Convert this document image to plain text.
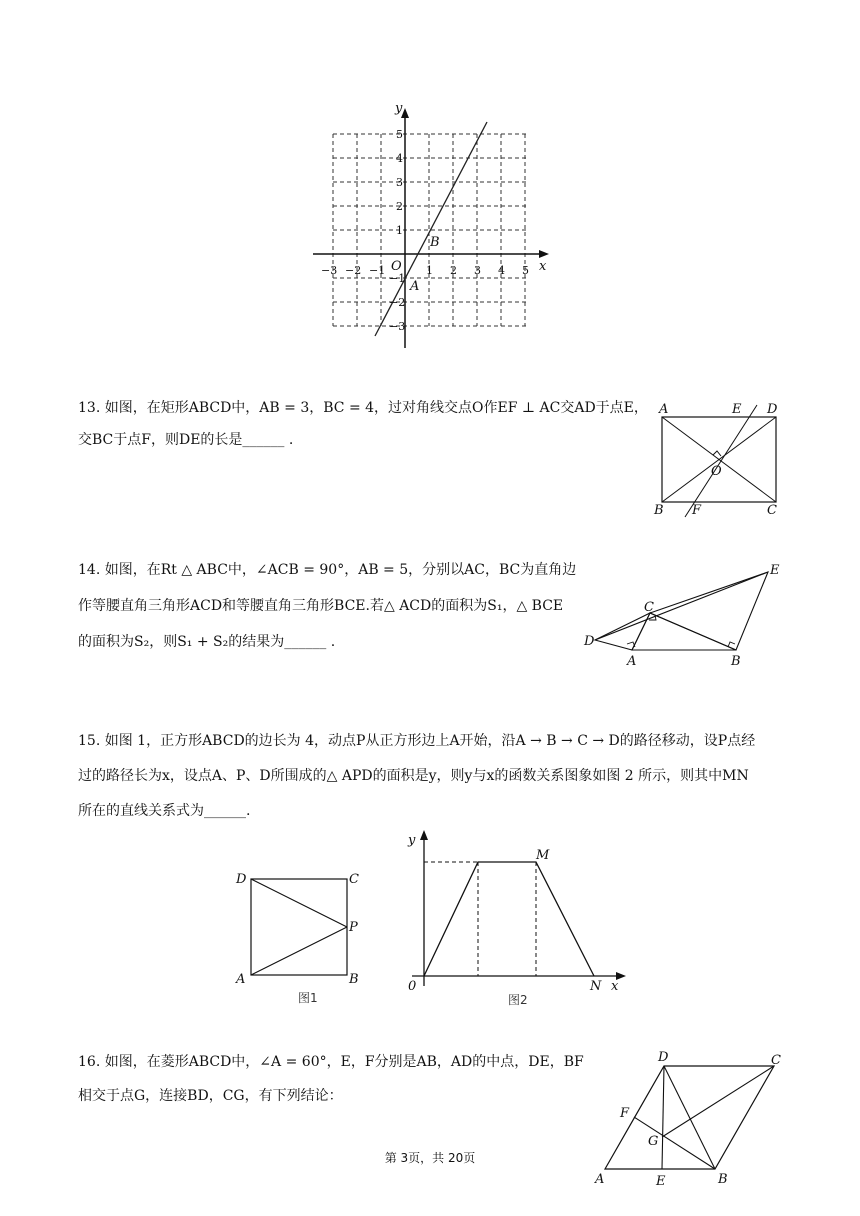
y
x
O
A
B
−3 −2 −1	1 2 3 4 5
5
4
3
2
1
−1
−2
−3
13. 如图，在矩形ABCD中，AB = 3，BC = 4，过对角线交点O作EF ⊥ AC交AD于点E，
交BC于点F，则DE的长是______ .
A	E D
B F	C
O
14. 如图，在Rt △ ABC中，∠ACB = 90°，AB = 5，分别以AC，BC为直角边
作等腰直角三角形ACD和等腰直角三角形BCE.若△ ACD的面积为S₁，△ BCE
的面积为S₂，则S₁ + S₂的结果为______ .
E
C
D
A	B
15. 如图 1，正方形ABCD的边长为 4，动点P从正方形边上A开始，沿A → B → C → D的路径移动，设P点经
过的路径长为x，设点A、P、D所围成的△ APD的面积是y，则y与x的函数关系图象如图 2 所示，则其中MN
所在的直线关系式为______.
D	C
P
A	B
图1
y
M
0	N x
图2
16. 如图，在菱形ABCD中，∠A = 60°，E，F分别是AB，AD的中点，DE，BF
相交于点G，连接BD，CG，有下列结论：
D	C
F
G
A	E	B
第 3页，共 20页
